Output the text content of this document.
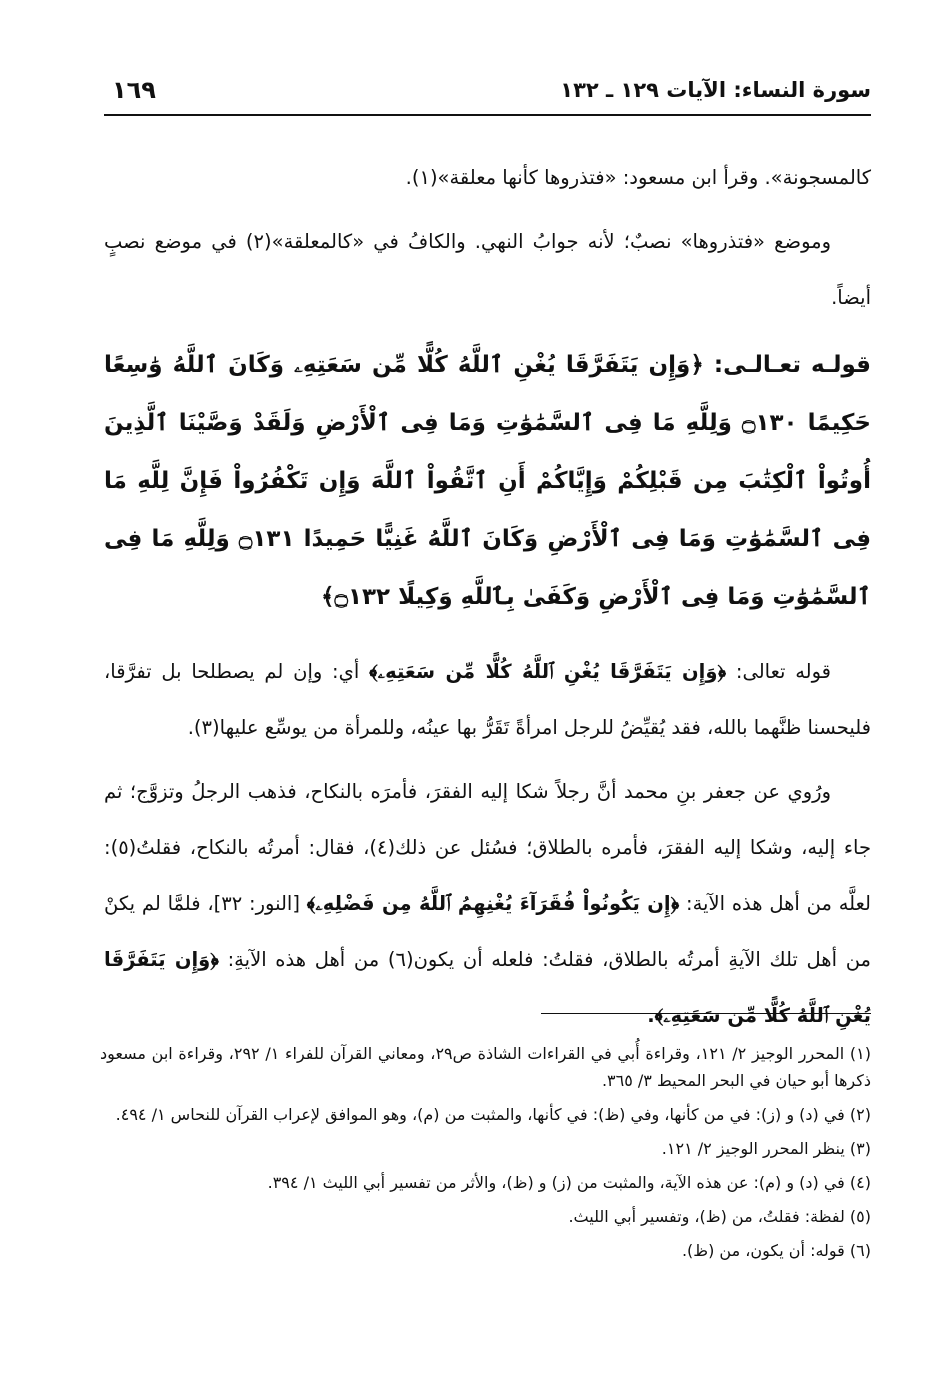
سورة النساء: الآيات ١٢٩ ـ ١٣٢
١٦٩

كالمسجونة». وقرأ ابن مسعود: «فتذروها كأنها معلقة»(١).

وموضع «فتذروها» نصبٌ؛ لأنه جوابُ النهي. والكافُ في «كالمعلقة»(٢) في موضع نصبٍ أيضاً.

قولـه تعـالـى: ﴿وَإِن يَتَفَرَّقَا يُغْنِ ٱللَّهُ كُلًّا مِّن سَعَتِهِۦ وَكَانَ ٱللَّهُ وَٰسِعًا حَكِيمًا ۝١٣٠ وَلِلَّهِ مَا فِى ٱلسَّمَٰوَٰتِ وَمَا فِى ٱلْأَرْضِ وَلَقَدْ وَصَّيْنَا ٱلَّذِينَ أُوتُواْ ٱلْكِتَٰبَ مِن قَبْلِكُمْ وَإِيَّاكُمْ أَنِ ٱتَّقُواْ ٱللَّهَ وَإِن تَكْفُرُواْ فَإِنَّ لِلَّهِ مَا فِى ٱلسَّمَٰوَٰتِ وَمَا فِى ٱلْأَرْضِ وَكَانَ ٱللَّهُ غَنِيًّا حَمِيدًا ۝١٣١ وَلِلَّهِ مَا فِى ٱلسَّمَٰوَٰتِ وَمَا فِى ٱلْأَرْضِ وَكَفَىٰ بِٱللَّهِ وَكِيلًا ۝١٣٢﴾

قوله تعالى: ﴿وَإِن يَتَفَرَّقَا يُغْنِ ٱللَّهُ كُلًّا مِّن سَعَتِهِۦ﴾ أي: وإن لم يصطلحا بل تفرَّقا، فليحسنا ظنَّهما بالله، فقد يُقيِّضُ للرجل امرأةً تَقَرُّ بها عينُه، وللمرأة من يوسِّع عليها(٣).

ورُوي عن جعفر بنِ محمد أنَّ رجلاً شكا إليه الفقرَ، فأمرَه بالنكاح، فذهب الرجلُ وتزوَّج؛ ثم جاء إليه، وشكا إليه الفقرَ، فأمره بالطلاق؛ فسُئل عن ذلك(٤)، فقال: أمرتُه بالنكاح، فقلتُ(٥): لعلَّه من أهل هذه الآية: ﴿إِن يَكُونُواْ فُقَرَآءَ يُغْنِهِمُ ٱللَّهُ مِن فَضْلِهِۦ﴾ [النور: ٣٢]، فلمَّا لم يكنْ من أهل تلك الآيةِ أمرتُه بالطلاق، فقلتُ: فلعله أن يكون(٦) من أهل هذه الآيةِ: ﴿وَإِن يَتَفَرَّقَا يُغْنِ ٱللَّهُ كُلًّا مِّن سَعَتِهِۦ﴾.

(١) المحرر الوجيز ٢/ ١٢١، وقراءة أُبي في القراءات الشاذة ص٢٩، ومعاني القرآن للفراء ١/ ٢٩٢، وقراءة ابن مسعود ذكرها أبو حيان في البحر المحيط ٣/ ٣٦٥.

(٢) في (د) و (ز): في من كأنها، وفي (ظ): في كأنها، والمثبت من (م)، وهو الموافق لإعراب القرآن للنحاس ١/ ٤٩٤.

(٣) ينظر المحرر الوجيز ٢/ ١٢١.

(٤) في (د) و (م): عن هذه الآية، والمثبت من (ز) و (ظ)، والأثر من تفسير أبي الليث ١/ ٣٩٤.

(٥) لفظة: فقلتُ، من (ظ)، وتفسير أبي الليث.

(٦) قوله: أن يكون، من (ظ).
